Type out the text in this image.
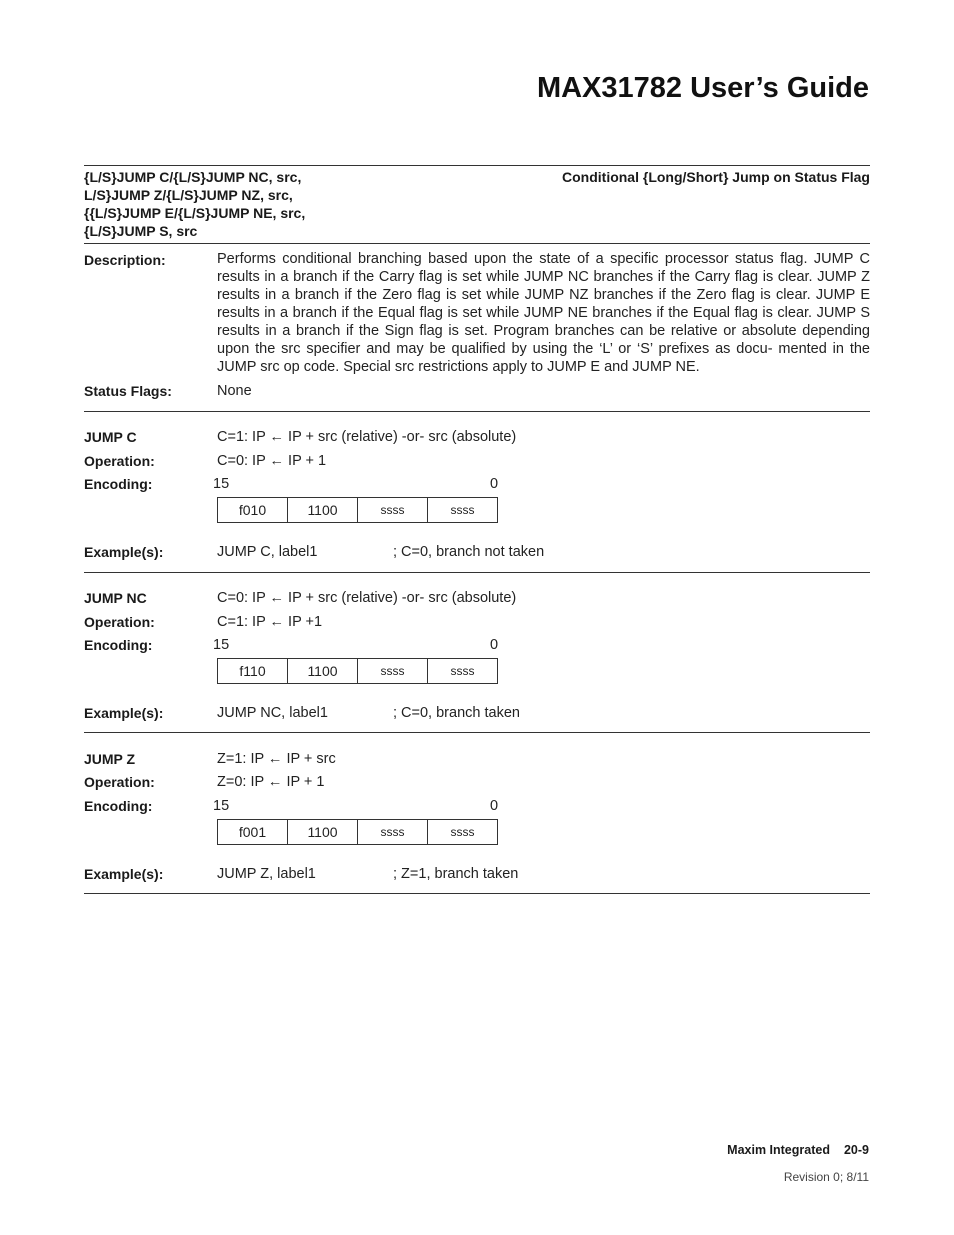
MAX31782 User’s Guide
{L/S}JUMP C/{L/S}JUMP NC, src,
L/S}JUMP Z/{L/S}JUMP NZ, src,
{{L/S}JUMP E/{L/S}JUMP NE, src,
{L/S}JUMP S, src
Conditional {Long/Short} Jump on Status Flag
Description:	Performs conditional branching based upon the state of a specific processor status flag. JUMP C results in a branch if the Carry flag is set while JUMP NC branches if the Carry flag is clear. JUMP Z results in a branch if the Zero flag is set while JUMP NZ branches if the Zero flag is clear. JUMP E results in a branch if the Equal flag is set while JUMP NE branches if the Equal flag is clear. JUMP S results in a branch if the Sign flag is set. Program branches can be relative or absolute depending upon the src specifier and may be qualified by using the ‘L’ or ‘S’ prefixes as docu- mented in the JUMP src op code. Special src restrictions apply to JUMP E and JUMP NE.
Status Flags:	None
JUMP C	C=1: IP ← IP + src (relative) -or- src (absolute)
Operation:	C=0: IP ← IP + 1
Encoding:	15	0
f010	1100	ssss	ssss
Example(s):	JUMP C, label1	; C=0, branch not taken
JUMP NC	C=0: IP ← IP + src (relative) -or- src (absolute)
Operation:	C=1: IP ← IP +1
Encoding:	15	0
f110	1100	ssss	ssss
Example(s):	JUMP NC, label1	; C=0, branch taken
JUMP Z	Z=1: IP ← IP + src
Operation:	Z=0: IP ← IP + 1
Encoding:	15	0
f001	1100	ssss	ssss
Example(s):	JUMP Z, label1	; Z=1, branch taken
Maxim Integrated 20-9
Revision 0; 8/11
